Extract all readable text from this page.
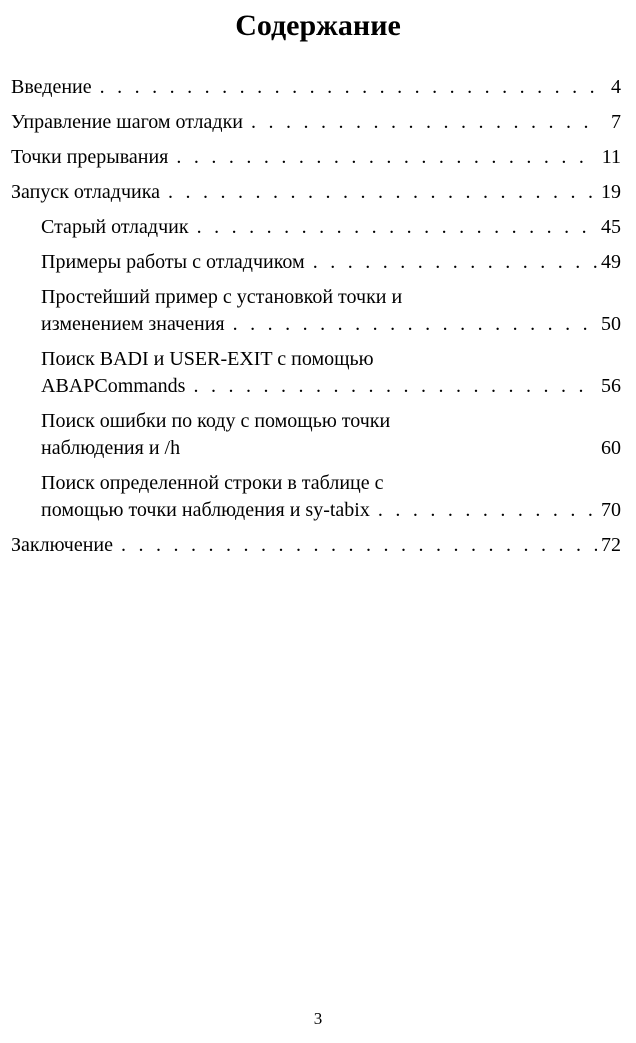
Содержание
Введение . . .	4
Управление шагом отладки . . .	7
Точки прерывания . . .	11
Запуск отладчика . . .	19
Старый отладчик . . .	45
Примеры работы с отладчиком . . .	49
Простейший пример с установкой точки и
изменением значения . . .	50
Поиск BADI и USER-EXIT с помощью
ABAPCommands . . .	56
Поиск ошибки по коду с помощью точки
наблюдения и /h	60
Поиск определенной строки в таблице с
помощью точки наблюдения и sy-tabix . . .	70
Заключение . . .	72
3
